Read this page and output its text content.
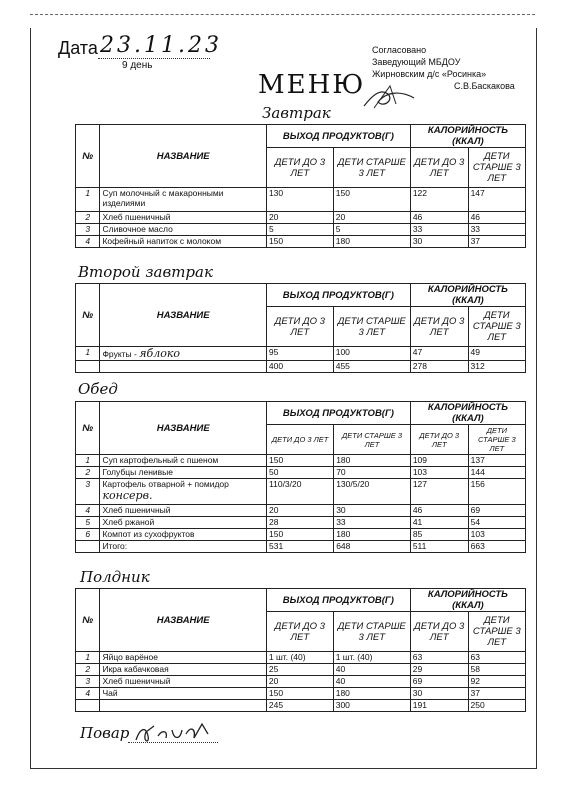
Дата 23.11.23
9 день
Согласовано
Заведующий МБДОУ
Жирновским д/с «Росинка»
С.В.Баскакова
МЕНЮ
Завтрак
№	НАЗВАНИЕ	ВЫХОД ПРОДУКТОВ(Г)		КАЛОРИЙНОСТЬ (ККАЛ)	
		ДЕТИ ДО 3 ЛЕТ	ДЕТИ СТАРШЕ 3 ЛЕТ	ДЕТИ ДО 3 ЛЕТ	ДЕТИ СТАРШЕ 3 ЛЕТ
1	Суп молочный с макаронными изделиями	130	150	122	147
2	Хлеб пшеничный	20	20	46	46
3	Сливочное масло	5	5	33	33
4	Кофейный напиток с молоком	150	180	30	37
Второй завтрак
№	НАЗВАНИЕ	ВЫХОД ПРОДУКТОВ(Г)		КАЛОРИЙНОСТЬ (ККАЛ)	
		ДЕТИ ДО 3 ЛЕТ	ДЕТИ СТАРШЕ 3 ЛЕТ	ДЕТИ ДО 3 ЛЕТ	ДЕТИ СТАРШЕ 3 ЛЕТ
1	Фрукты - яблоко	95	100	47	49
		400	455	278	312
Обед
№	НАЗВАНИЕ	ВЫХОД ПРОДУКТОВ(Г)		КАЛОРИЙНОСТЬ (ККАЛ)	
		ДЕТИ ДО 3 ЛЕТ	ДЕТИ СТАРШЕ 3 ЛЕТ	ДЕТИ ДО 3 ЛЕТ	ДЕТИ СТАРШЕ 3 ЛЕТ
1	Суп картофельный с пшеном	150	180	109	137
2	Голубцы ленивые	50	70	103	144
3	Картофель отварной + помидор консерв.	110/3/20	130/5/20	127	156
4	Хлеб пшеничный	20	30	46	69
5	Хлеб ржаной	28	33	41	54
6	Компот из сухофруктов	150	180	85	103
	Итого:	531	648	511	663
Полдник
№	НАЗВАНИЕ	ВЫХОД ПРОДУКТОВ(Г)		КАЛОРИЙНОСТЬ (ККАЛ)	
		ДЕТИ ДО 3 ЛЕТ	ДЕТИ СТАРШЕ 3 ЛЕТ	ДЕТИ ДО 3 ЛЕТ	ДЕТИ СТАРШЕ 3 ЛЕТ
1	Яйцо варёное	1 шт. (40)	1 шт. (40)	63	63
2	Икра кабачковая	25	40	29	58
3	Хлеб пшеничный	20	40	69	92
4	Чай	150	180	30	37
		245	300	191	250
Повар
